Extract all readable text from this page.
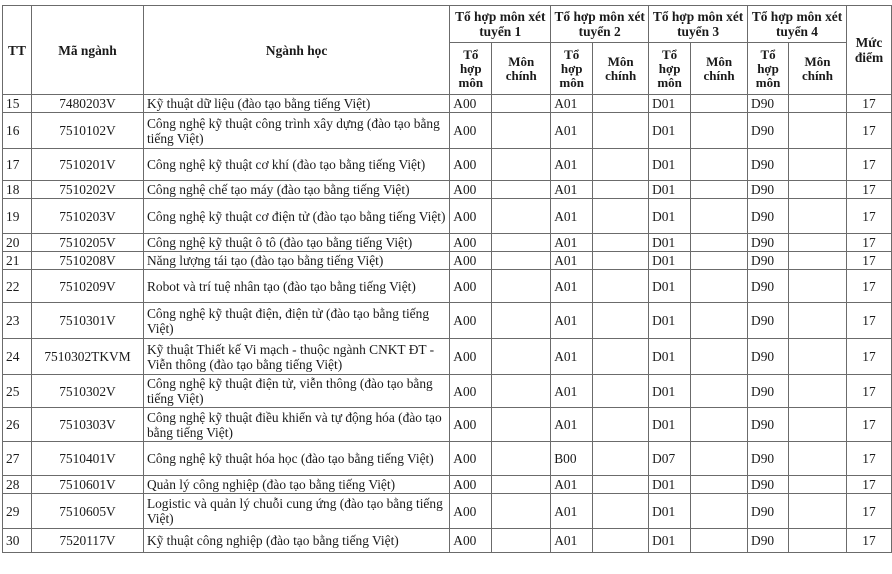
TT	Mã ngành	Ngành học	Tổ hợp môn xét tuyển 1		Tổ hợp môn xét tuyển 2		Tổ hợp môn xét tuyển 3		Tổ hợp môn xét tuyển 4		Mức điểm
			Tổ hợp môn	Môn chính	Tổ hợp môn	Môn chính	Tổ hợp môn	Môn chính	Tổ hợp môn	Môn chính	
15	7480203V	Kỹ thuật dữ liệu (đào tạo bằng tiếng Việt)	A00		A01		D01		D90		17
16	7510102V	Công nghệ kỹ thuật công trình xây dựng (đào tạo bằng tiếng Việt)	A00		A01		D01		D90		17
17	7510201V	Công nghệ kỹ thuật cơ khí (đào tạo bằng tiếng Việt)	A00		A01		D01		D90		17
18	7510202V	Công nghệ chế tạo máy (đào tạo bằng tiếng Việt)	A00		A01		D01		D90		17
19	7510203V	Công nghệ kỹ thuật cơ điện tử (đào tạo bằng tiếng Việt)	A00		A01		D01		D90		17
20	7510205V	Công nghệ kỹ thuật ô tô (đào tạo bằng tiếng Việt)	A00		A01		D01		D90		17
21	7510208V	Năng lượng tái tạo (đào tạo bằng tiếng Việt)	A00		A01		D01		D90		17
22	7510209V	Robot và trí tuệ nhân tạo (đào tạo bằng tiếng Việt)	A00		A01		D01		D90		17
23	7510301V	Công nghệ kỹ thuật điện, điện tử (đào tạo bằng tiếng Việt)	A00		A01		D01		D90		17
24	7510302TKVM	Kỹ thuật Thiết kế Vi mạch - thuộc ngành CNKT ĐT - Viễn thông (đào tạo bằng tiếng Việt)	A00		A01		D01		D90		17
25	7510302V	Công nghệ kỹ thuật điện tử, viễn thông (đào tạo bằng tiếng Việt)	A00		A01		D01		D90		17
26	7510303V	Công nghệ kỹ thuật điều khiển và tự động hóa (đào tạo bằng tiếng Việt)	A00		A01		D01		D90		17
27	7510401V	Công nghệ kỹ thuật hóa học (đào tạo bằng tiếng Việt)	A00		B00		D07		D90		17
28	7510601V	Quản lý công nghiệp (đào tạo bằng tiếng Việt)	A00		A01		D01		D90		17
29	7510605V	Logistic và quản lý chuỗi cung ứng (đào tạo bằng tiếng Việt)	A00		A01		D01		D90		17
30	7520117V	Kỹ thuật công nghiệp (đào tạo bằng tiếng Việt)	A00		A01		D01		D90		17
